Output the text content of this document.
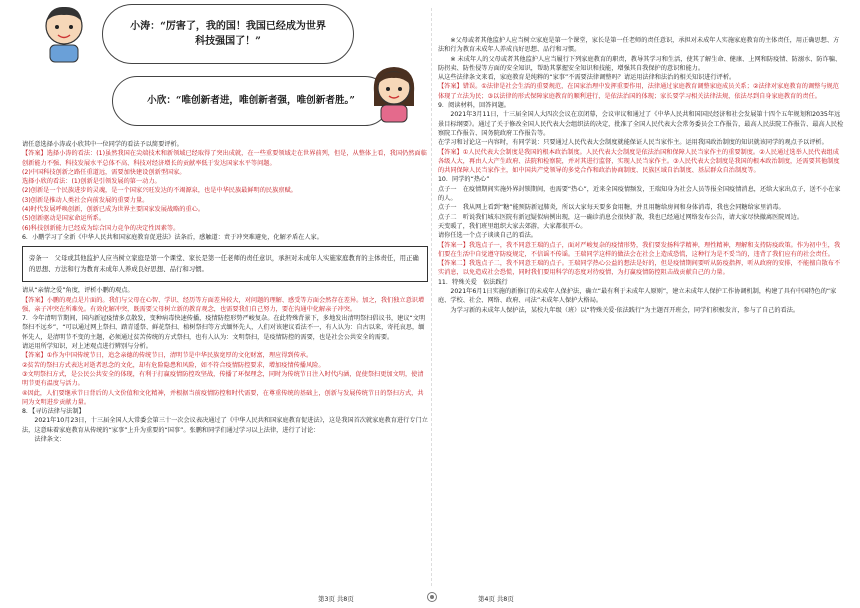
小涛：“厉害了，我的国！我国已经成为世界
科技强国了！”
小欣：“唯创新者进，唯创新者强，唯创新者胜。”

请任意选择小涛或小欣其中一位同学的看法予以简要评析。

【答案】选择小涛的看法：(1)虽然我国在尖端技术和新领域已经取得了突出成就，在一些重要领域走在世界前列，但是，从整体上看，我国仍然面临创新能力不强、科技发展水平总体不高、科技对经济增长的贡献率低于发达国家水平等问题。

(2)中国科技创新之路任重道远，需要加快建设创新型国家。

选择小欣的看法：(1)创新是引领发展的第一动力。

(2)创新是一个民族进步的灵魂，是一个国家兴旺发达的不竭源泉，也是中华民族最鲜明的民族禀赋。

(3)创新是推动人类社会向前发展的重要力量。

(4)时代发展呼唤创新，创新已成为世界主要国家发展战略的重心。

(5)创新驱动是国家命运所系。

(6)科技创新能力已经成为综合国力竞争的决定性因素等。

6．小鹏学习了全新《中华人民共和国家庭教育促进法》法条后，感触道：责于冲突难避免，化解矛盾在人家。

旁条一　父母或其他监护人应当树立家庭是第一个课堂、家长是第一任老师的责任意识，承担对未成年人实施家庭教育的主体责任，用正确的思想、方法和行为教育未成年人养成良好思想、品行和习惯。

请从“亲情之爱”角度，评析小鹏的观点。

【答案】小鹏的观点是片面的。我们与父母在心智、学识、经历等方面差异较大，对问题的理解、感受等方面会然存在差异。加之，我们独立意识增强，亲子冲突在所难免。有效化解冲突，既需要父母树立新的教育观念，也需要我们自己努力，要在沟通中化解亲子冲突。

7．今年清明节期间，国内新冠疫情多点散发，变种病毒快速传播，疫情防控形势严峻复杂。在此特殊背景下，多地发出清明祭扫倡议书，建议“文明祭扫不远乡”，“可以通过网上祭扫、踏青遥祭、鲜花祭扫、植树祭扫等方式缅怀先人，人们对该建议看法不一，有人认为：自古以来，寄托哀思，缅怀先人，是清明节不变的主题，必须通过贫苦传统的方式祭扫，也有人认为：文明祭扫，是疫情防控的需要，也是社会公共安全的需要。

请运用所学知识，对上述观点进行辨别与分析。

【答案】①作为中国传统节日，追念亲德的传统节日，清明节是中华民族宽厚的文化财富，理应得到传承。

②贫苦的祭扫方式表达对逝者思念的文化，却有危险隐患和风险，如不符合疫情防控要求，增加疫情传播风险。

③文明祭扫方式，是公民公共安全的体现，有利于打赢疫情防控攻坚战，传播了环保理念，同时为传统节日注入时代内涵，促使祭扫更加文明，使清明节更有温度与活力。

④因此，人们要继承节日背后的人文价值和文化精神，并根据当前疫情防控和时代需要，在尊重传统的基础上，创新与发展传统节日的祭扫方式，共同为文明进步贡献力量。

8．【寻访法律与法制】

2021年10月23日，十三届全国人大常委会第三十一次会议表决通过了《中华人民共和国家庭教育促进法》，这是我国首次就家庭教育进行专门立法，这意味着家庭教育从传统的“家事”上升为重要的“国事”。张鹏和同学们通过学习以上法律，进行了讨论：

法律条文：

※父母或者其他监护人应当树立家庭是第一个课堂，家长是第一任老师的责任意识，承担对未成年人实施家庭教育的主体责任，用正确思想、方法和行为教育未成年人养成良好思想、品行和习惯。

※ 未成年人的父母或者其他监护人应当履行下列家庭教育的职责，教导其学习和生活，使其了解生命、健康、上网和防疫情、防溺水、防诈骗、防拐卖、防性侵等方面的安全知识，帮助其掌握安全知识和技能，增强其自我保护的意识和能力。

从这些法律条文来看，家庭教育是纯粹的“家事”不需要法律调整吗？请运用法律和法治的相关知识进行评析。

【答案】错误。①法律是社会生活的重要规范，在国家治理中发挥重要作用，法律通过家庭教育调整家庭成员关系；②法律对家庭教育的调整与规范体现了立法为民；③以法律的形式保障家庭教育的顺利进行，是依法治国的体现；家长要学习相关法律法规，依法尽到自身家庭教育的责任。

9．阅读材料，回答问题。

2021年3月11日，十三届全国人大四次会议在京闭幕，会议审议和通过了《中华人民共和国国民经济和社会发展第十四个五年规划和2035年远景目标纲要》。通过了关于修改全国人民代表大会组织法的决定，批准了全国人民代表大会常务委员会工作报告，最高人民法院工作报告、最高人民检察院工作报告、国务院政府工作报告等。

在学习和讨论这一内容时，有同学说：只要通过人民代表大会制度就能保证人民当家作主。运用我国政治制度的知识就该同学的观点予以评析。

【答案】①人民代表大会制度是我国的根本政治制度。人民代表大会制度是依法治国和保障人民当家作主的重要制度。②人民通过选举人民代表组成各级人大，再由人大产生政府、法院和检察院，并对其进行监督，实现人民当家作主。③人民代表大会制度是我国的根本政治制度，还需要其他制度的共同保障人民当家作主，如中国共产党领导的多党合作和政治协商制度、民族区域自治制度、基层群众自治制度等。

10．同学的“热心”

点子一　在疫情期间实施外界封锁期间，也需要“热心”，近来全国疫情频发，王瑞知身为社会人员等报全国疫情消息，还给大家出点子，送不小在家的人。

点子一　我从网上看到“糖”能预防新冠肺炎，所以大家每天要多食用糖，并且用糖给房间和身体消毒，我也会同糖给家里消毒。

点子二　听说我们城东医院有新冠疑似病例出现，这一确诊消息会很快扩散，我也已经通过网络发布公告，请大家尽快撤离医院周边。

天变暖了，我们班里组织大家去郊游，大家都很开心。

请你任选一个点子谈谈自己的看法。

【答案一】我选点子一，我不同意王瑞的点子，面对严峻复杂的疫情形势，我们要发扬科学精神，理性精神，理解和支持防疫政策。作为初中生，我们要在生活中自觉遵守防疫规定，不信谣不传谣。王瑞同学这样的做法会在社会上造成恐慌，这种行为是不妥当的，违背了我们应有的社会责任。

【答案二】我选点子二，我不同意王瑞的点子。王瑞同学热心公益的想法是好的，但是疫情期间要听从防疫指挥，听从政府的安排，不能擅自散布不实消息，以免造成社会恐慌，同时我们要用科学的态度对待疫情，为打赢疫情防控阻击战贡献自己的力量。

11．特殊关爱　依法践行

2021年6月1日实施的新修订的未成年人保护法，确立“最有利于未成年人原则”，建立未成年人保护工作协调机制，构建了具有中国特色的“家庭、学校、社会、网络、政府、司法”未成年人保护大格局。

为学习新的未成年人保护法，某校九年级（班）以“特殊关爱·依法践行”为主题召开班会，同学们积极发言，参与了自己的看法。

第3页 共8页	第4页 共8页
